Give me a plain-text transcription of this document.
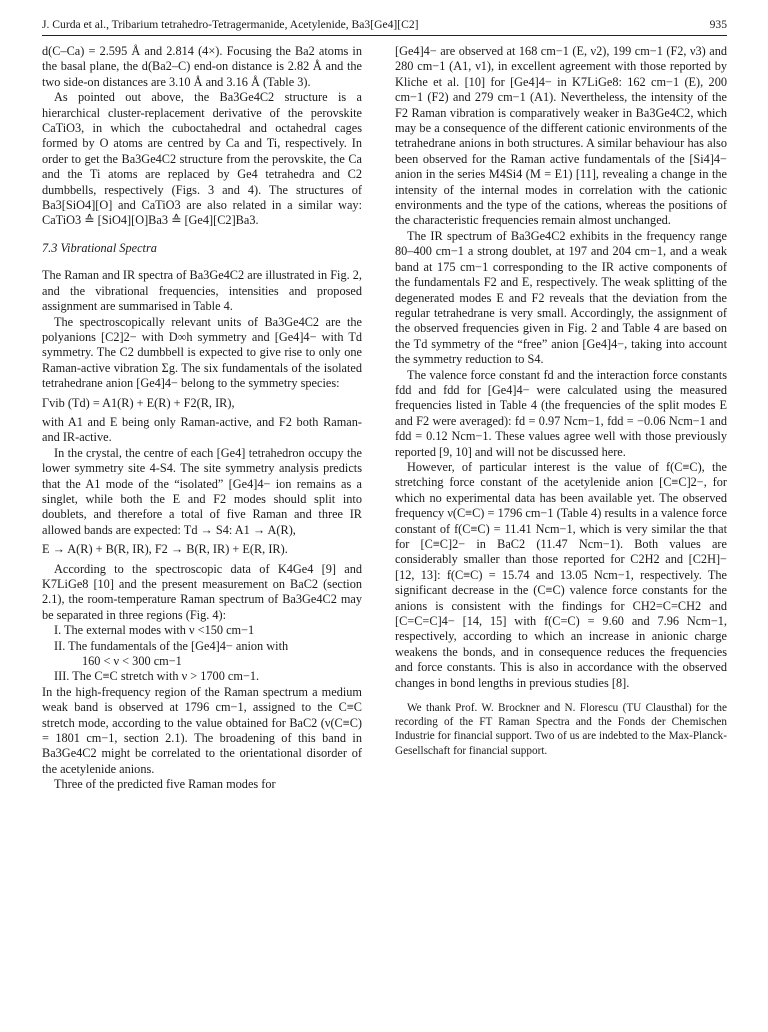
J. Curda et al., Tribarium tetrahedro-Tetragermanide, Acetylenide, Ba3[Ge4][C2]	935

d(C–Ca) = 2.595 Å and 2.814 (4×). Focusing the Ba2 atoms in the basal plane, the d(Ba2–C) end-on distance is 2.82 Å and the two side-on distances are 3.10 Å and 3.16 Å (Table 3).

As pointed out above, the Ba3Ge4C2 structure is a hierarchical cluster-replacement derivative of the perovskite CaTiO3, in which the cuboctahedral and octahedral cages formed by O atoms are centred by Ca and Ti, respectively. In order to get the Ba3Ge4C2 structure from the perovskite, the Ca and the Ti atoms are replaced by Ge4 tetrahedra and C2 dumbbells, respectively (Figs. 3 and 4). The structures of Ba3[SiO4][O] and CaTiO3 are also related in a similar way: CaTiO3 ≙ [SiO4][O]Ba3 ≙ [Ge4][C2]Ba3.

7.3 Vibrational Spectra

The Raman and IR spectra of Ba3Ge4C2 are illustrated in Fig. 2, and the vibrational frequencies, intensities and proposed assignment are summarised in Table 4.

The spectroscopically relevant units of Ba3Ge4C2 are the polyanions [C2]2− with D∞h symmetry and [Ge4]4− with Td symmetry. The C2 dumbbell is expected to give rise to only one Raman-active vibration Σg. The six fundamentals of the isolated tetrahedrane anion [Ge4]4− belong to the symmetry species:

Γvib (Td) = A1(R) + E(R) + F2(R, IR),

with A1 and E being only Raman-active, and F2 both Raman- and IR-active.

In the crystal, the centre of each [Ge4] tetrahedron occupy the lower symmetry site 4-S4. The site symmetry analysis predicts that the A1 mode of the “isolated” [Ge4]4− ion remains as a singlet, while both the E and F2 modes should split into doublets, and therefore a total of five Raman and three IR allowed bands are expected: Td → S4: A1 → A(R),

E → A(R) + B(R, IR), F2 → B(R, IR) + E(R, IR).

According to the spectroscopic data of K4Ge4 [9] and K7LiGe8 [10] and the present measurement on BaC2 (section 2.1), the room-temperature Raman spectrum of Ba3Ge4C2 may be separated in three regions (Fig. 4):

I. The external modes with ν <150 cm−1
II. The fundamentals of the [Ge4]4− anion with
160 < ν < 300 cm−1
III. The C≡C stretch with ν > 1700 cm−1.

In the high-frequency region of the Raman spectrum a medium weak band is observed at 1796 cm−1, assigned to the C≡C stretch mode, according to the value obtained for BaC2 (ν(C≡C) = 1801 cm−1, section 2.1). The broadening of this band in Ba3Ge4C2 might be correlated to the orientational disorder of the acetylenide anions.

Three of the predicted five Raman modes for

[Ge4]4− are observed at 168 cm−1 (E, ν2), 199 cm−1 (F2, ν3) and 280 cm−1 (A1, ν1), in excellent agreement with those reported by Kliche et al. [10] for [Ge4]4− in K7LiGe8: 162 cm−1 (E), 200 cm−1 (F2) and 279 cm−1 (A1). Nevertheless, the intensity of the F2 Raman vibration is comparatively weaker in Ba3Ge4C2, which may be a consequence of the different cationic environments of the tetrahedrane anions in both structures. A similar behaviour has also been observed for the Raman active fundamentals of the [Si4]4− anion in the series M4Si4 (M = E1) [11], revealing a change in the intensity of the internal modes in correlation with the cationic environments and the type of the cations, whereas the positions of the characteristic frequencies remain almost unchanged.

The IR spectrum of Ba3Ge4C2 exhibits in the frequency range 80–400 cm−1 a strong doublet, at 197 and 204 cm−1, and a weak band at 175 cm−1 corresponding to the IR active components of the fundamentals F2 and E, respectively. The weak splitting of the degenerated modes E and F2 reveals that the deviation from the regular tetrahedrane is very small. Accordingly, the assignment of the observed frequencies given in Fig. 2 and Table 4 are based on the Td symmetry of the “free” anion [Ge4]4−, taking into account the symmetry reduction to S4.

The valence force constant fd and the interaction force constants fdd and fdd for [Ge4]4− were calculated using the measured frequencies listed in Table 4 (the frequencies of the split modes E and F2 were averaged): fd = 0.97 Ncm−1, fdd = −0.06 Ncm−1 and fdd = 0.12 Ncm−1. These values agree well with those previously reported [9, 10] and will not be discussed here.

However, of particular interest is the value of f(C≡C), the stretching force constant of the acetylenide anion [C≡C]2−, for which no experimental data has been available yet. The observed frequency ν(C≡C) = 1796 cm−1 (Table 4) results in a valence force constant of f(C≡C) = 11.41 Ncm−1, which is very similar the that for [C≡C]2− in BaC2 (11.47 Ncm−1). Both values are considerably smaller than those reported for C2H2 and [C2H]− [12, 13]: f(C≡C) = 15.74 and 13.05 Ncm−1, respectively. The significant decrease in the (C≡C) valence force constants for the anions is consistent with the findings for CH2=C=CH2 and [C=C=C]4− [14, 15] with f(C=C) = 9.60 and 7.96 Ncm−1, respectively, according to which an increase in anionic charge weakens the bonds, and in consequence reduces the frequencies and force constants. This is also in accordance with the observed changes in bond lengths in previous studies [8].

We thank Prof. W. Brockner and N. Florescu (TU Clausthal) for the recording of the FT Raman Spectra and the Fonds der Chemischen Industrie for financial support. Two of us are indebted to the Max-Planck-Gesellschaft for financial support.
